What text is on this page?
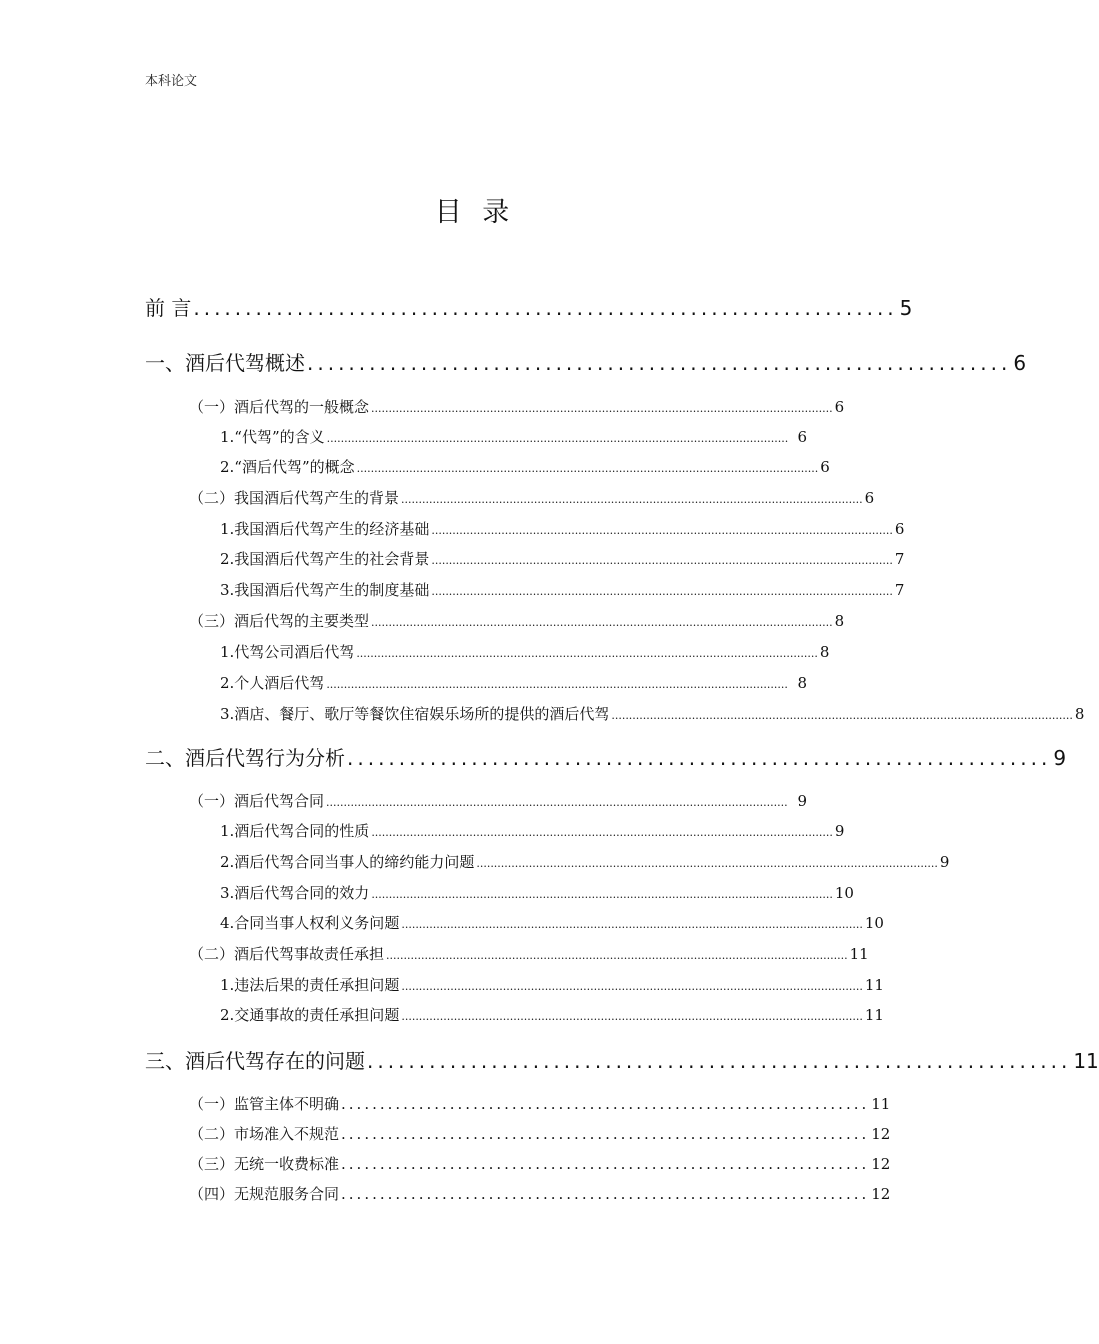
本科论文
目 录
前 言 .................................................................... 5
一、酒后代驾概述 .................................................................... 6
（一）酒后代驾的一般概念 .................................................................................................................................... 6
1.“代驾”的含义 .................................................................................................................................... 6
2.“酒后代驾”的概念 .................................................................................................................................... 6
（二）我国酒后代驾产生的背景 .................................................................................................................................... 6
1.我国酒后代驾产生的经济基础 .................................................................................................................................... 6
2.我国酒后代驾产生的社会背景 .................................................................................................................................... 7
3.我国酒后代驾产生的制度基础 .................................................................................................................................... 7
（三）酒后代驾的主要类型 .................................................................................................................................... 8
1.代驾公司酒后代驾 .................................................................................................................................... 8
2.个人酒后代驾 .................................................................................................................................... 8
3.酒店、餐厅、歌厅等餐饮住宿娱乐场所的提供的酒后代驾 .................................................................................................................................... 8
二、酒后代驾行为分析 .................................................................... 9
（一）酒后代驾合同 .................................................................................................................................... 9
1.酒后代驾合同的性质 .................................................................................................................................... 9
2.酒后代驾合同当事人的缔约能力问题 .................................................................................................................................... 9
3.酒后代驾合同的效力 .................................................................................................................................... 10
4.合同当事人权利义务问题 .................................................................................................................................... 10
（二）酒后代驾事故责任承担 .................................................................................................................................... 11
1.违法后果的责任承担问题 .................................................................................................................................... 11
2.交通事故的责任承担问题 .................................................................................................................................... 11
三、酒后代驾存在的问题 .................................................................... 11
（一）监管主体不明确 .................................................................... 11
（二）市场准入不规范 .................................................................... 12
（三）无统一收费标准 .................................................................... 12
（四）无规范服务合同 .................................................................... 12
